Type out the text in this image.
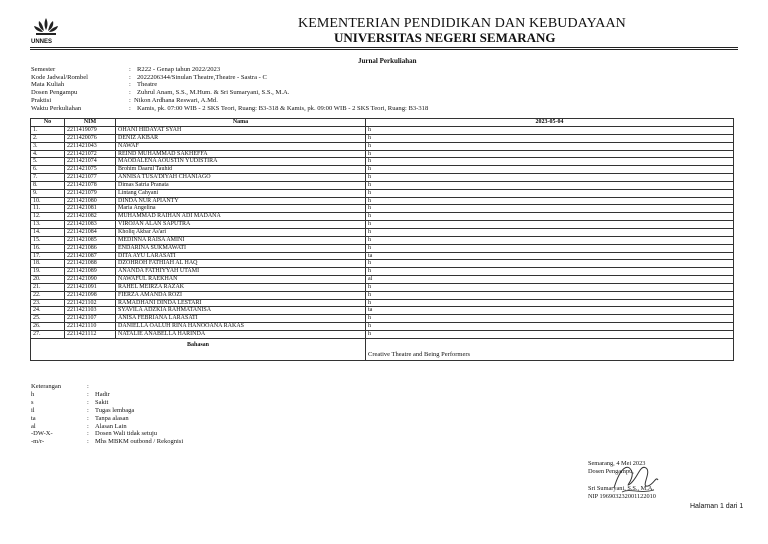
UNNES
KEMENTERIAN PENDIDIKAN DAN KEBUDAYAAN
UNIVERSITAS NEGERI SEMARANG
Jurnal Perkuliahan
Semester	: R222 - Genap tahun 2022/2023
Kode Jadwal/Rombel	: 2022206344/Sinulan Theatre,Theatre - Sastra - C
Mata Kuliah	: Theatre
Dosen Pengampu	: Zuhrul Anam, S.S., M.Hum. & Sri Sumaryani, S.S., M.A.
Praktisi	: Nikon Ardhana Reswari, A.Md.
Waktu Perkuliahan	: Kamis, pk. 07:00 WIB - 2 SKS Teori, Ruang: B3-318 & Kamis, pk. 09:00 WIB - 2 SKS Teori, Ruang: B3-318
No	NIM	Nama	2023-05-04
1.	2211419079	OHANI HIDAYAT SYAH	h
2.	2211420076	DENIZ AKBAR	h
3.	2211421043	NAWAF	h
4.	2211421072	REIND MUHAMMAD SAKHEFFA	h
5.	2211421074	MAODALENA AOUSTIN YUDISTIRA	h
6.	2211421075	Brohim Daarul Tauhid	h
7.	2211421077	ANNISA TUSA'DIYAH CHANIAGO	h
8.	2211421078	Dimas Satria Pranata	h
9.	2211421079	Lintang Cahyani	h
10.	2211421080	DINDA NUR APIANTY	h
11.	2211421081	Maria Angelina	h
12.	2211421082	MUHAMMAD RAIHAN ADI MADANA	h
13.	2211421083	VIROJAN ALAN SAPUTRA	h
14.	2211421084	Kholiq Akbar As'ari	h
15.	2211421085	MEDINNA RAISA AMINI	h
16.	2211421086	ENDARINA SUKMAWATI	h
17.	2211421087	DITA AYU LARASATI	ta
18.	2211421088	DZOHROH FATHIAH AL HAQ	h
19.	2211421089	ANANDA FATHIYYAH UTAMI	h
20.	2211421090	NAWAFUL RAEKHAN	al
21.	2211421091	RAHEL MEIRZA RAZAK	h
22.	2211421098	FIERZA AMANDA ROZI	h
23.	2211421102	RAMADHANI DINDA LESTARI	h
24.	2211421103	SYAVILA ADZKIA RAHMATANISA	ta
25.	2211421107	ANISA FEBRIANA LARASATI	h
26.	2211421110	DANIELLA OALUH RINA HANOOANA RAKAS	h
27.	2211421112	NATALIE ANABELLA HARINDA	h
Bahasan			Creative Theatre and Being Performers
Keterangan	:
h	: Hadir
s	: Sakit
il	: Tugas lembaga
ta	: Tanpa alasan
al	: Alasan Lain
-DW-X-	: Dosen Wali tidak setuju
-m/r-	: Mhs MBKM outbond / Rekognisi
Semarang, 4 Mei 2023
Dosen Pengampu,
Sri Sumaryani, S.S., M.A.
NIP 196903232001122010
Halaman 1 dari 1
